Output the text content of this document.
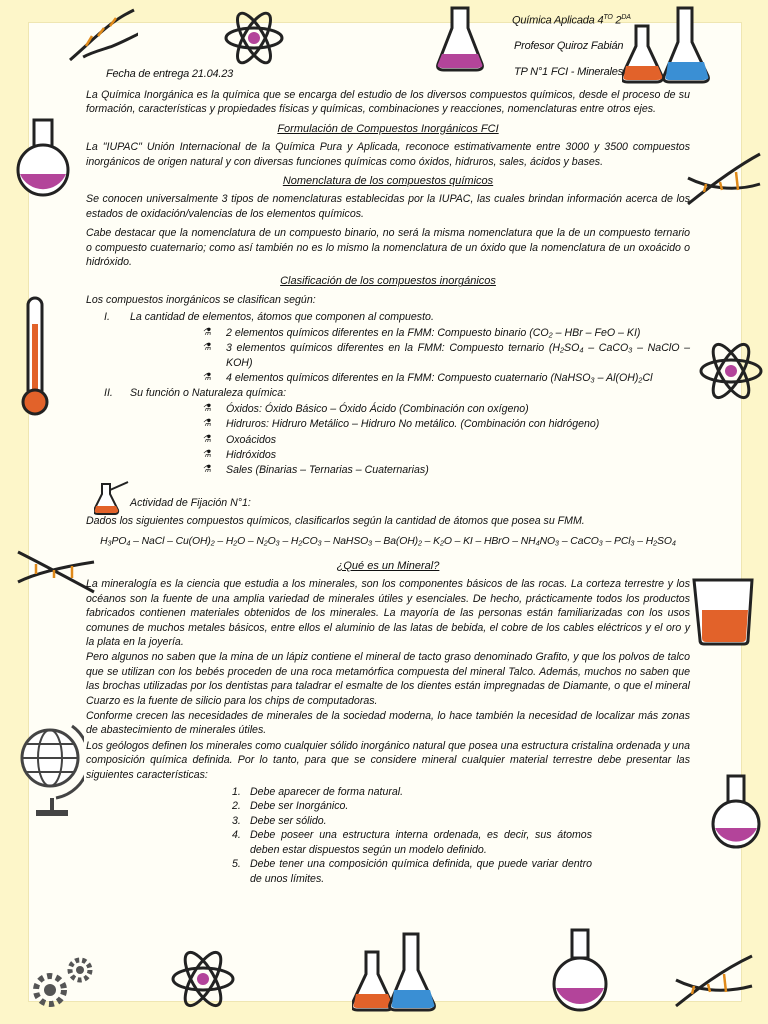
Química Aplicada $4^{TO}$ $2^{DA}$
Profesor Quiroz Fabián
TP N°1 FCI - Minerales
Fecha de entrega 21.04.23

La Química Inorgánica es la química que se encarga del estudio de los diversos compuestos químicos, desde el proceso de su formación, características y propiedades físicas y químicas, combinaciones y reacciones, nomenclaturas entre otros ejes.

Formulación de Compuestos Inorgánicos FCI

La "IUPAC" Unión Internacional de la Química Pura y Aplicada, reconoce estimativamente entre 3000 y 3500 compuestos inorgánicos de origen natural y con diversas funciones químicas como óxidos, hidruros, sales, ácidos y bases.

Nomenclatura de los compuestos químicos

Se conocen universalmente 3 tipos de nomenclaturas establecidas por la IUPAC, las cuales brindan información acerca de los estados de oxidación/valencias de los elementos químicos.

Cabe destacar que la nomenclatura de un compuesto binario, no será la misma nomenclatura que la de un compuesto ternario o compuesto cuaternario; como así también no es lo mismo la nomenclatura de un óxido que la nomenclatura de un oxoácido o hidróxido.

Clasificación de los compuestos inorgánicos

Los compuestos inorgánicos se clasifican según:

I. La cantidad de elementos, átomos que componen al compuesto.
⚗ 2 elementos químicos diferentes en la FMM: Compuesto binario (CO₂ – HBr – FeO – KI)
⚗ 3 elementos químicos diferentes en la FMM: Compuesto ternario (H₂SO₄ – CaCO₃ – NaClO – KOH)
⚗ 4 elementos químicos diferentes en la FMM: Compuesto cuaternario (NaHSO₃ – Al(OH)₂Cl
II. Su función o Naturaleza química:
⚗ Óxidos: Óxido Básico – Óxido Ácido (Combinación con oxígeno)
⚗ Hidruros: Hidruro Metálico – Hidruro No metálico. (Combinación con hidrógeno)
⚗ Oxoácidos
⚗ Hidróxidos
⚗ Sales (Binarias – Ternarias – Cuaternarias)
Actividad de Fijación N°1:

Dados los siguientes compuestos químicos, clasificarlos según la cantidad de átomos que posea su FMM.

H₃PO₄ – NaCl – Cu(OH)₂ – H₂O – N₂O₃ – H₂CO₃ – NaHSO₃ – Ba(OH)₂ – K₂O – KI – HBrO – NH₄NO₃ – CaCO₃ – PCl₃ – H₂SO₄
¿Qué es un Mineral?

La mineralogía es la ciencia que estudia a los minerales, son los componentes básicos de las rocas. La corteza terrestre y los océanos son la fuente de una amplia variedad de minerales útiles y esenciales. De hecho, prácticamente todos los productos fabricados contienen materiales obtenidos de los minerales. La mayoría de las personas están familiarizadas con los usos comunes de muchos metales básicos, entre ellos el aluminio de las latas de bebida, el cobre de los cables eléctricos y el oro y la plata en la joyería.

Pero algunos no saben que la mina de un lápiz contiene el mineral de tacto graso denominado Grafito, y que los polvos de talco que se utilizan con los bebés proceden de una roca metamórfica compuesta del mineral Talco. Además, muchos no saben que las brochas utilizadas por los dentistas para taladrar el esmalte de los dientes están impregnadas de Diamante, o que el mineral Cuarzo es la fuente de silicio para los chips de computadoras.

Conforme crecen las necesidades de minerales de la sociedad moderna, lo hace también la necesidad de localizar más zonas de abastecimiento de minerales útiles.

Los geólogos definen los minerales como cualquier sólido inorgánico natural que posea una estructura cristalina ordenada y una composición química definida. Por lo tanto, para que se considere mineral cualquier material terrestre debe presentar las siguientes características:

1. Debe aparecer de forma natural.
2. Debe ser Inorgánico.
3. Debe ser sólido.
4. Debe poseer una estructura interna ordenada, es decir, sus átomos deben estar dispuestos según un modelo definido.
5. Debe tener una composición química definida, que puede variar dentro de unos límites.
